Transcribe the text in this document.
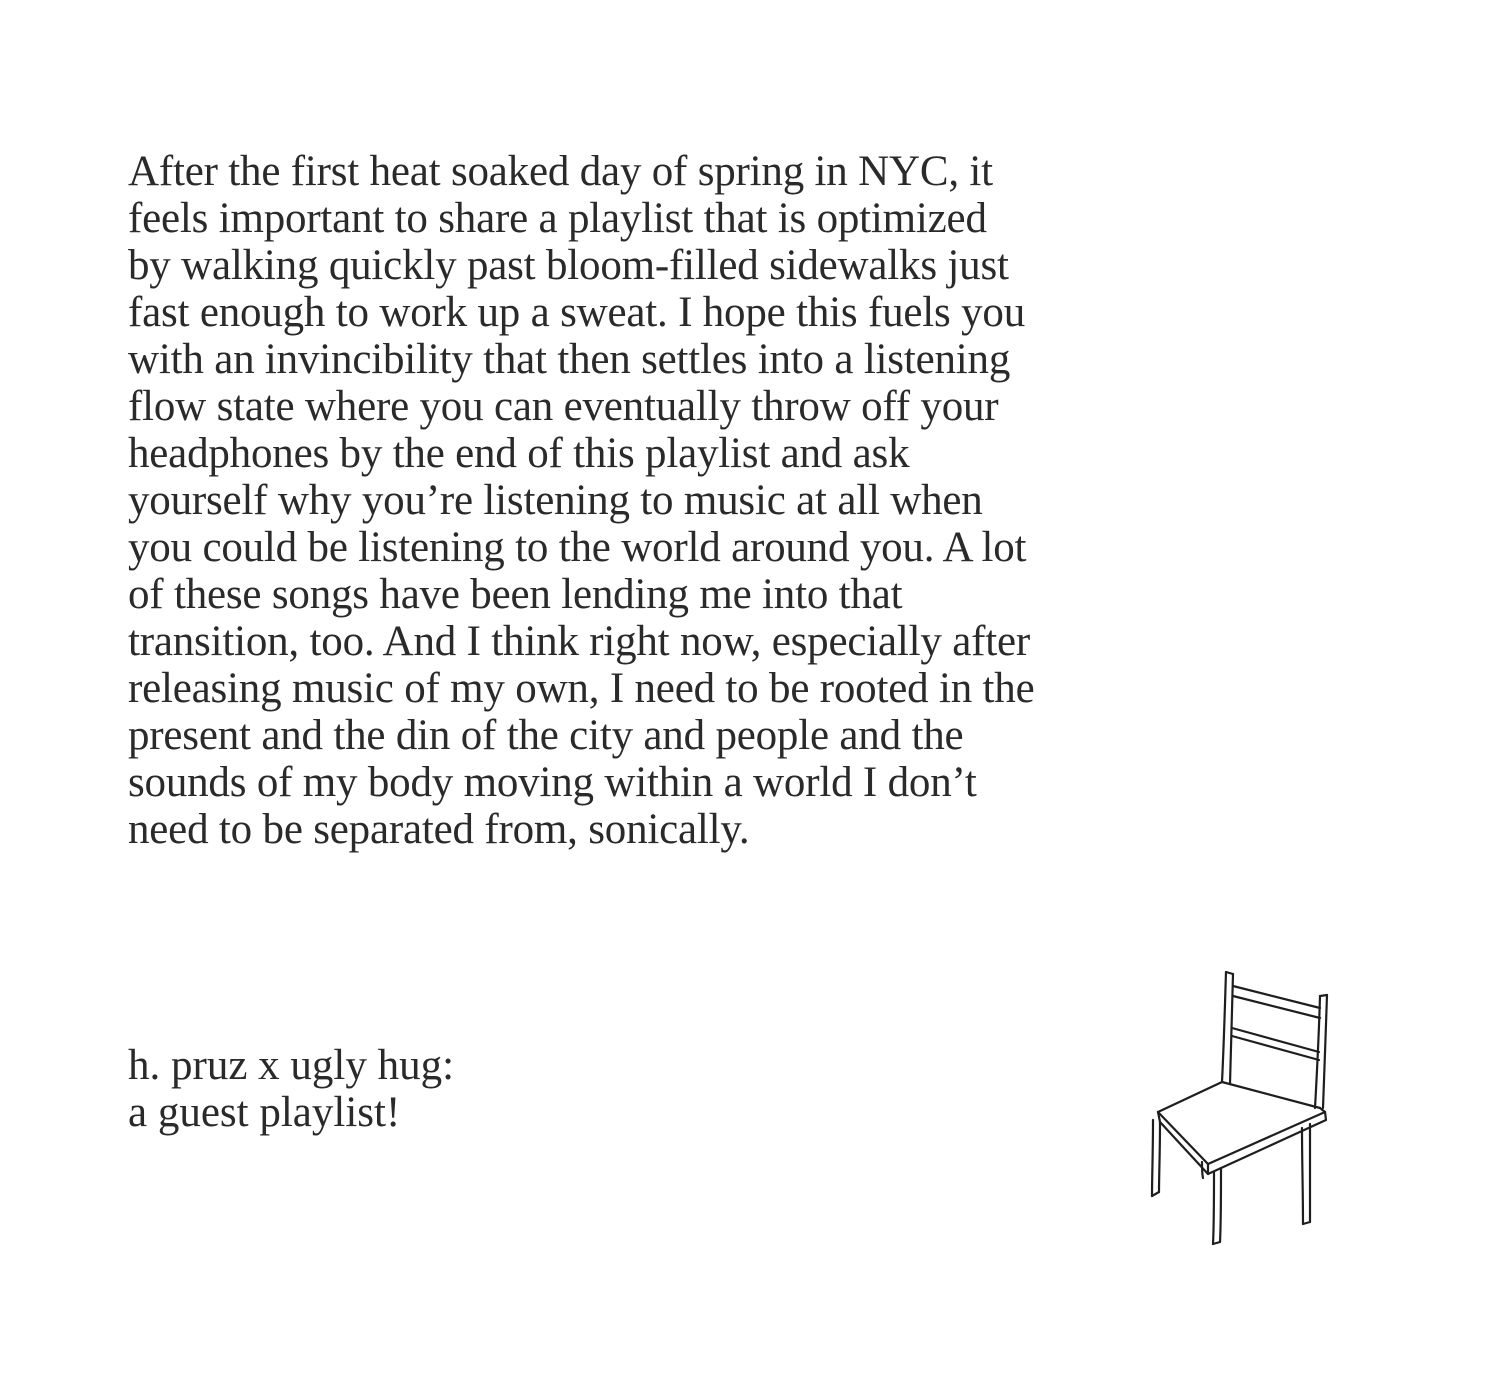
After the first heat soaked day of spring in NYC, it
feels important to share a playlist that is optimized
by walking quickly past bloom-filled sidewalks just
fast enough to work up a sweat. I hope this fuels you
with an invincibility that then settles into a listening
flow state where you can eventually throw off your
headphones by the end of this playlist and ask
yourself why you’re listening to music at all when
you could be listening to the world around you. A lot
of these songs have been lending me into that
transition, too. And I think right now, especially after
releasing music of my own, I need to be rooted in the
present and the din of the city and people and the
sounds of my body moving within a world I don’t
need to be separated from, sonically.
h. pruz x ugly hug:
a guest playlist!
